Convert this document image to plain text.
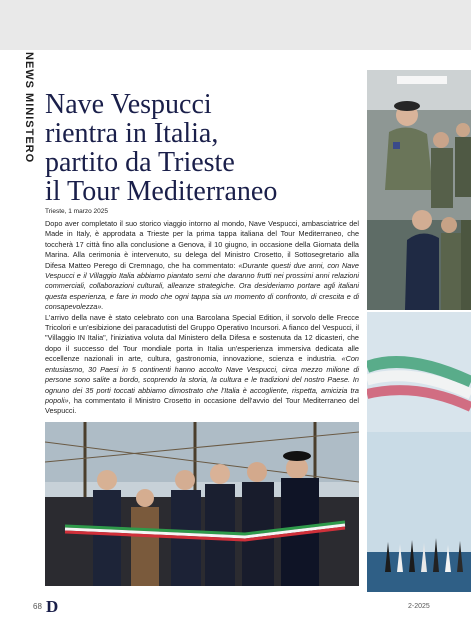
NEWS MINISTERO Nave Vespucci
rientra in Italia,
partito da Trieste
il Tour Mediterraneo
Trieste, 1 marzo 2025

Dopo aver completato il suo storico viaggio intorno al mondo, Nave Vespucci, ambasciatrice del Made in Italy, è approdata a Trieste per la prima tappa italiana del Tour Mediterraneo, che toccherà 17 città fino alla conclusione a Genova, il 10 giugno, in occasione della Giornata della Marina. Alla cerimonia è intervenuto, su delega del Ministro Crosetto, il Sottosegretario alla Difesa Matteo Perego di Cremnago, che ha commentato: «Durante questi due anni, con Nave Vespucci e il Villaggio Italia abbiamo piantato semi che daranno frutti nei prossimi anni relazioni commerciali, collaborazioni culturali, alleanze strategiche. Ora desideriamo portare agli italiani questa esperienza, e fare in modo che ogni tappa sia un momento di confronto, di crescita e di consapevolezza».

L'arrivo della nave è stato celebrato con una Barcolana Special Edition, il sorvolo delle Frecce Tricolori e un'esibizione dei paracadutisti del Gruppo Operativo Incursori. A fianco del Vespucci, il "Villaggio IN Italia", l'iniziativa voluta dal Ministero della Difesa e sostenuta da 12 dicasteri, che dopo il successo del Tour mondiale porta in Italia un'esperienza immersiva dedicata alle eccellenze nazionali in arte, cultura, gastronomia, innovazione, scienza e industria. «Con entusiasmo, 30 Paesi in 5 continenti hanno accolto Nave Vespucci, circa mezzo milione di persone sono salite a bordo, scoprendo la storia, la cultura e le tradizioni del nostro Paese. In ognuno dei 35 porti toccati abbiamo dimostrato che l'Italia è accogliente, rispetta, amicizia tra popoli», ha commentato il Ministro Crosetto in occasione dell'avvio del Tour Mediterraneo del Vespucci.

68 D	2-2025
